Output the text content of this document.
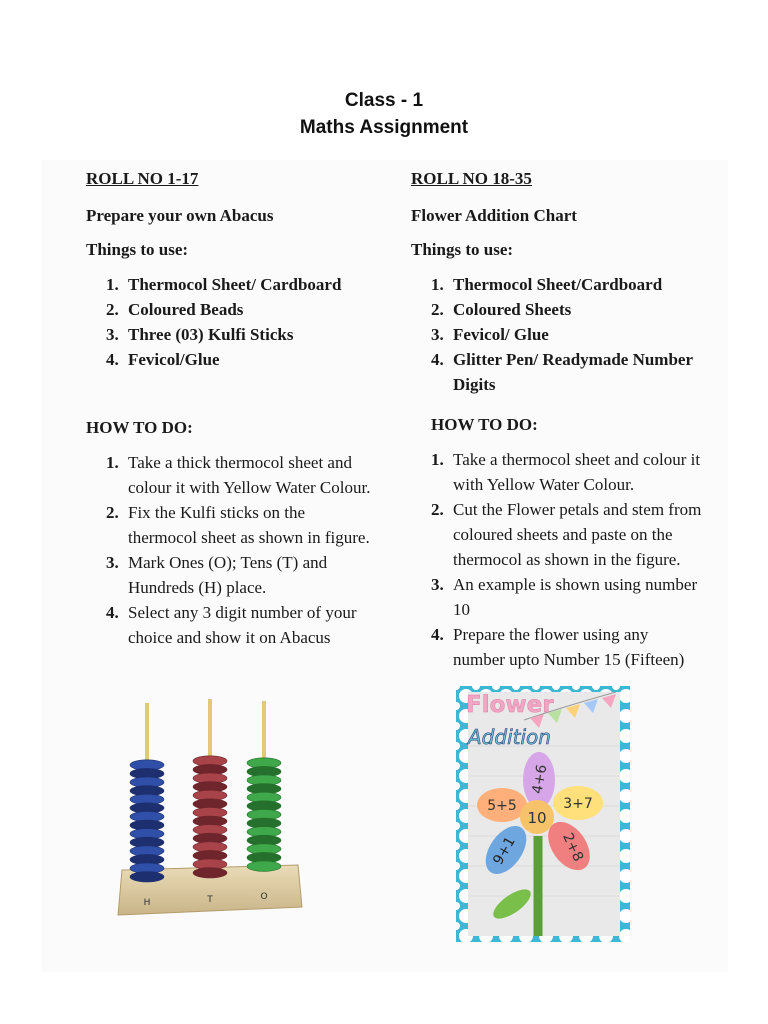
Class - 1
Maths Assignment
ROLL NO 1-17
Prepare your own Abacus
Things to use:
1. Thermocol Sheet/ Cardboard
2. Coloured Beads
3. Three (03) Kulfi Sticks
4. Fevicol/Glue
HOW TO DO:
1. Take a thick thermocol sheet and colour it with Yellow Water Colour.
2. Fix the Kulfi sticks on the thermocol sheet as shown in figure.
3. Mark Ones (O); Tens (T) and Hundreds (H) place.
4. Select any 3 digit number of your choice and show it on Abacus
H	T	O
ROLL NO 18-35
Flower Addition Chart
Things to use:
1. Thermocol Sheet/Cardboard
2. Coloured Sheets
3. Fevicol/ Glue
4. Glitter Pen/ Readymade Number Digits
HOW TO DO:
1. Take a thermocol sheet and colour it with Yellow Water Colour.
2. Cut the Flower petals and stem from coloured sheets and paste on the thermocol as shown in the figure.
3. An example is shown using number 10
4. Prepare the flower using any number upto Number 15 (Fifteen)
Flower
Addition
10
4+6
3+7
2+8
9+1
5+5
